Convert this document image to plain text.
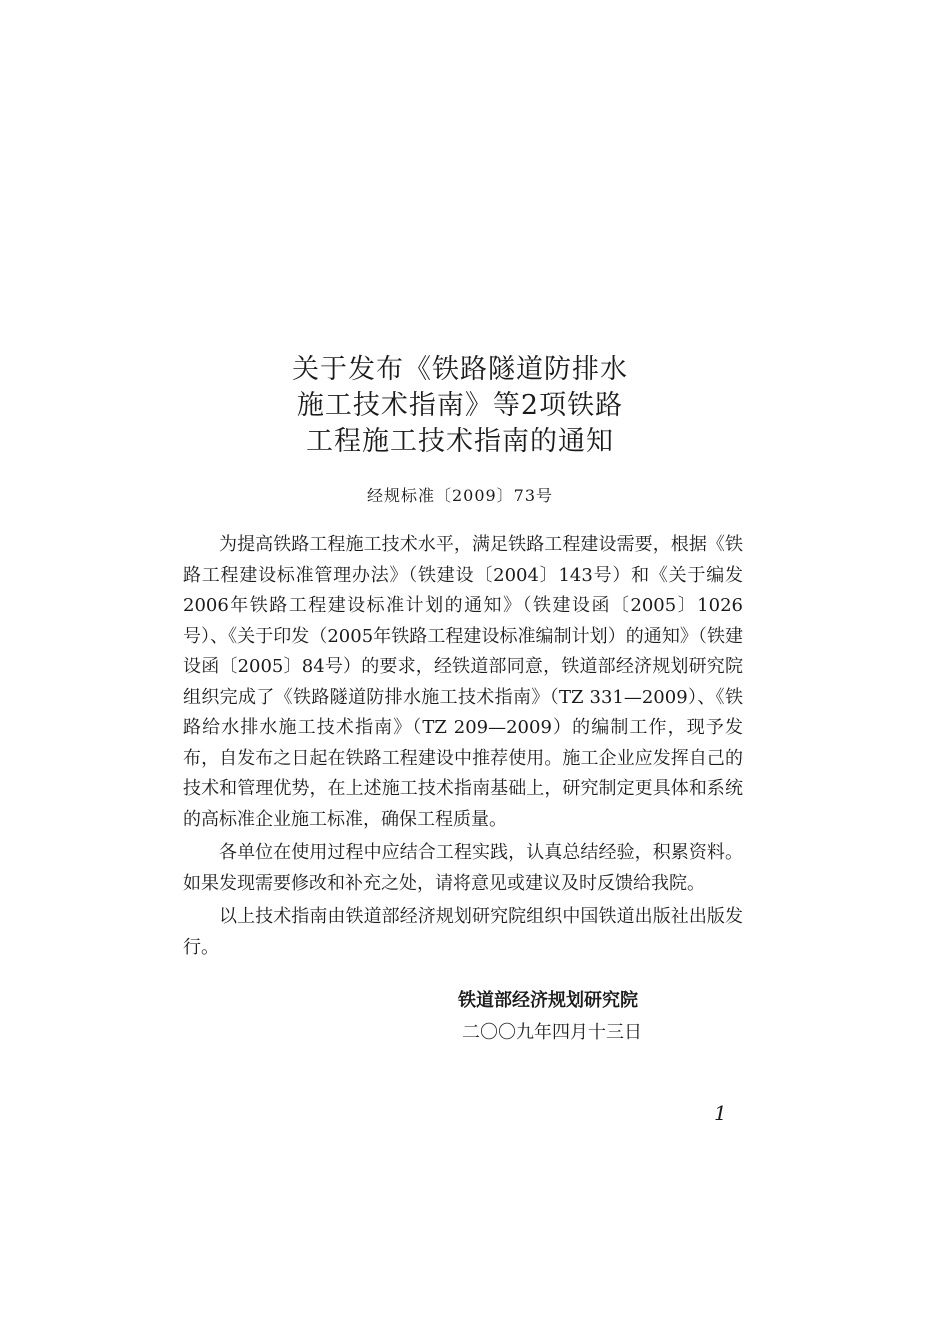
关于发布《铁路隧道防排水
施工技术指南》等2项铁路
工程施工技术指南的通知
经规标准〔2009〕73号

为提高铁路工程施工技术水平，满足铁路工程建设需要，根据《铁路工程建设标准管理办法》（铁建设〔2004〕143号）和《关于编发2006年铁路工程建设标准计划的通知》（铁建设函〔2005〕1026号）、《关于印发（2005年铁路工程建设标准编制计划）的通知》（铁建设函〔2005〕84号）的要求，经铁道部同意，铁道部经济规划研究院组织完成了《铁路隧道防排水施工技术指南》（TZ 331—2009）、《铁路给水排水施工技术指南》（TZ 209—2009）的编制工作，现予发布，自发布之日起在铁路工程建设中推荐使用。施工企业应发挥自己的技术和管理优势，在上述施工技术指南基础上，研究制定更具体和系统的高标准企业施工标准，确保工程质量。

各单位在使用过程中应结合工程实践，认真总结经验，积累资料。如果发现需要修改和补充之处，请将意见或建议及时反馈给我院。

以上技术指南由铁道部经济规划研究院组织中国铁道出版社出版发行。

铁道部经济规划研究院
二〇〇九年四月十三日
1
